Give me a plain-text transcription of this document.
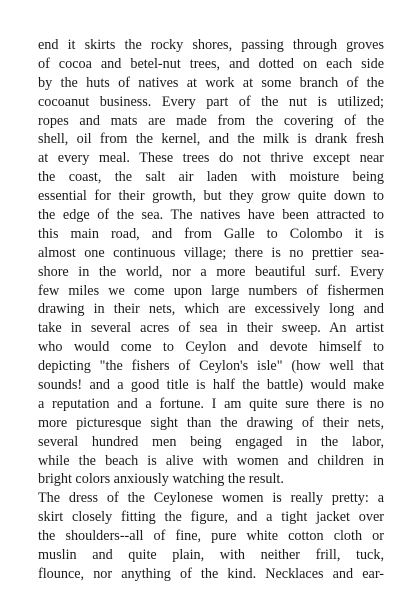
end it skirts the rocky shores, passing through groves
of cocoa and betel-nut trees, and dotted on each side
by the huts of natives at work at some branch of the
cocoanut business. Every part of the nut is utilized;
ropes and mats are made from the covering of the
shell, oil from the kernel, and the milk is drank fresh
at every meal. These trees do not thrive except near
the coast, the salt air laden with moisture being
essential for their growth, but they grow quite down to
the edge of the sea. The natives have been attracted to
this main road, and from Galle to Colombo it is
almost one continuous village; there is no prettier sea-
shore in the world, nor a more beautiful surf. Every
few miles we come upon large numbers of fishermen
drawing in their nets, which are excessively long and
take in several acres of sea in their sweep. An artist
who would come to Ceylon and devote himself to
depicting "the fishers of Ceylon's isle" (how well that
sounds! and a good title is half the battle) would make
a reputation and a fortune. I am quite sure there is no
more picturesque sight than the drawing of their nets,
several hundred men being engaged in the labor,
while the beach is alive with women and children in
bright colors anxiously watching the result.
The dress of the Ceylonese women is really pretty: a
skirt closely fitting the figure, and a tight jacket over
the shoulders--all of fine, pure white cotton cloth or
muslin and quite plain, with neither frill, tuck,
flounce, nor anything of the kind. Necklaces and ear-
